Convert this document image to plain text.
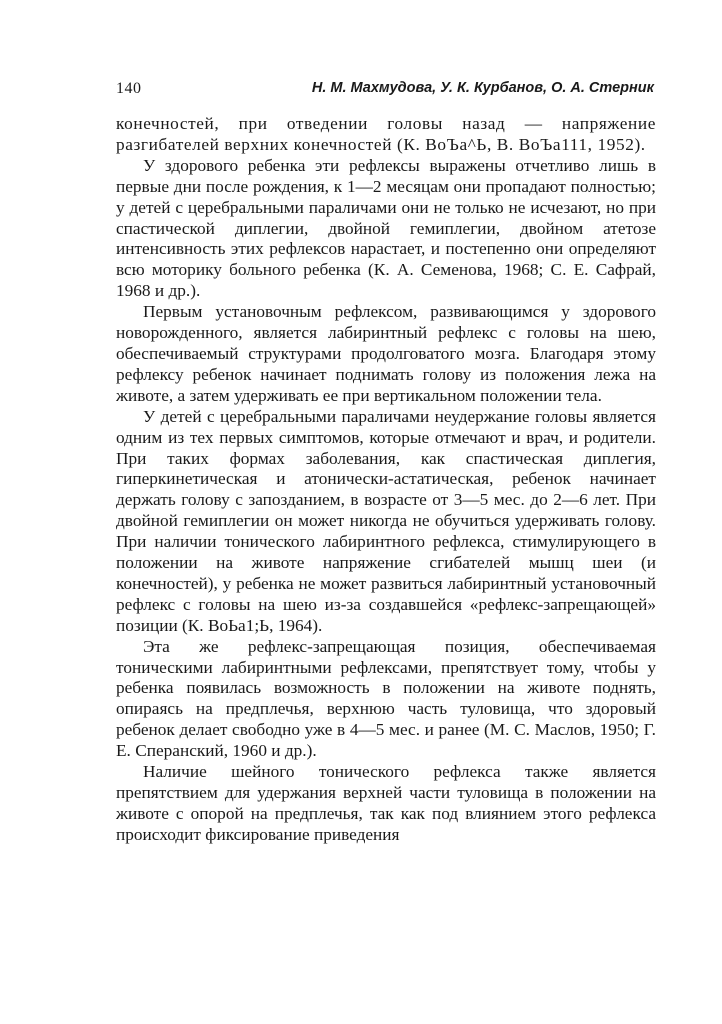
140	Н. М. Махмудова, У. К. Курбанов, О. А. Стерник

конечностей, при отведении головы назад — напряжение разгибателей верхних конечностей (К. ВоЪа^Ь, В. ВоЪа111, 1952).

У здорового ребенка эти рефлексы выражены отчетливо лишь в первые дни после рождения, к 1—2 месяцам они пропадают полностью; у детей с церебральными параличами они не только не исчезают, но при спастической диплегии, двойной гемиплегии, двойном атетозе интенсивность этих рефлексов нарастает, и постепенно они определяют всю моторику больного ребенка (К. А. Семенова, 1968; С. Е. Сафрай, 1968 и др.).

Первым установочным рефлексом, развивающимся у здорового новорожденного, является лабиринтный рефлекс с головы на шею, обеспечиваемый структурами продолговатого мозга. Благодаря этому рефлексу ребенок начинает поднимать голову из положения лежа на животе, а затем удерживать ее при вертикальном положении тела.

У детей с церебральными параличами неудержание головы является одним из тех первых симптомов, которые отмечают и врач, и родители. При таких формах заболевания, как спастическая диплегия, гиперкинетическая и атонически-астатическая, ребенок начинает держать голову с запозданием, в возрасте от 3—5 мес. до 2—6 лет. При двойной гемиплегии он может никогда не обучиться удерживать голову. При наличии тонического лабиринтного рефлекса, стимулирующего в положении на животе напряжение сгибателей мышц шеи (и конечностей), у ребенка не может развиться лабиринтный установочный рефлекс с головы на шею из-за создавшейся «рефлекс-запрещающей» позиции (К. ВоЬа1;Ь, 1964).

Эта же рефлекс-запрещающая позиция, обеспечиваемая тоническими лабиринтными рефлексами, препятствует тому, чтобы у ребенка появилась возможность в положении на животе поднять, опираясь на предплечья, верхнюю часть туловища, что здоровый ребенок делает свободно уже в 4—5 мес. и ранее (М. С. Маслов, 1950; Г. Е. Сперанский, 1960 и др.).

Наличие шейного тонического рефлекса также является препятствием для удержания верхней части туловища в положении на животе с опорой на предплечья, так как под влиянием этого рефлекса происходит фиксирование приведения
